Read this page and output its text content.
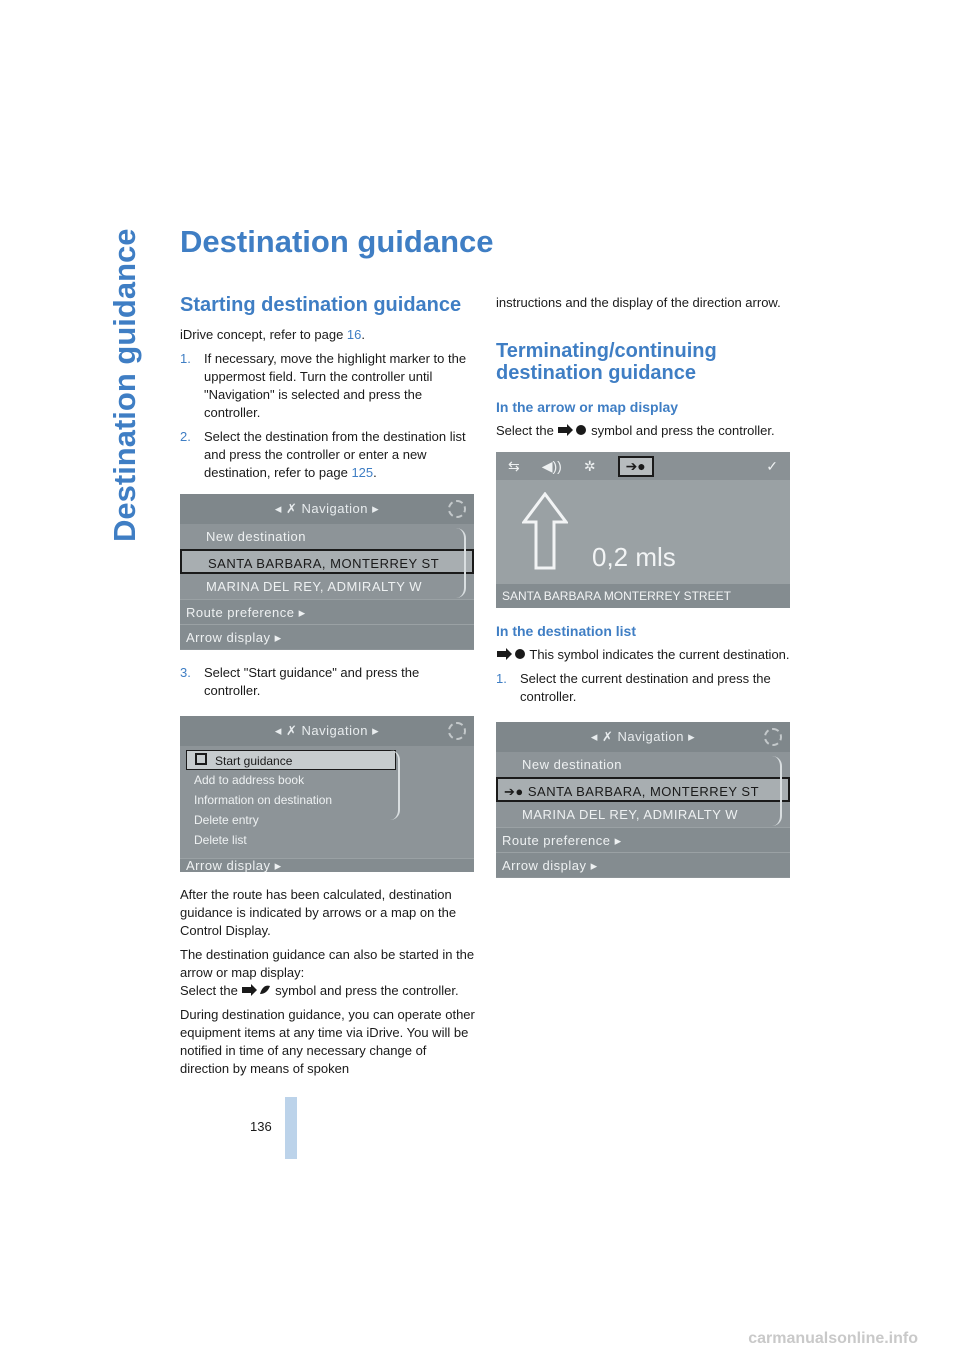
Destination guidance Destination guidance
Starting destination guidance

iDrive concept, refer to page 16.

1. If necessary, move the highlight marker to the uppermost field. Turn the controller until "Navigation" is selected and press the controller.
2. Select the destination from the destination list and press the controller or enter a new destination, refer to page 125.
◂ ✗ Navigation ▸
New destination
SANTA BARBARA, MONTERREY ST
MARINA DEL REY, ADMIRALTY W
Route preference ▸
Arrow display ▸
3. Select "Start guidance" and press the controller.
◂ ✗ Navigation ▸
Start guidance
Add to address book
Information on destination
Delete entry
Delete list
Arrow display ▸

After the route has been calculated, destination guidance is indicated by arrows or a map on the Control Display.

The destination guidance can also be started in the arrow or map display:
Select the	symbol and press the controller.

During destination guidance, you can operate other equipment items at any time via iDrive. You will be notified in time of any necessary change of direction by means of spoken

instructions and the display of the direction arrow.

Terminating/continuing destination guidance
In the arrow or map display

Select the	symbol and press the controller.

⇆ ◀)) ✲	➔●	✓
0,2 mls
SANTA BARBARA MONTERREY STREET
In the destination list

This symbol indicates the current destination.

1. Select the current destination and press the controller.
◂ ✗ Navigation ▸
New destination
➔● SANTA BARBARA, MONTERREY ST
MARINA DEL REY, ADMIRALTY W
Route preference ▸
Arrow display ▸
136
carmanualsonline.info
